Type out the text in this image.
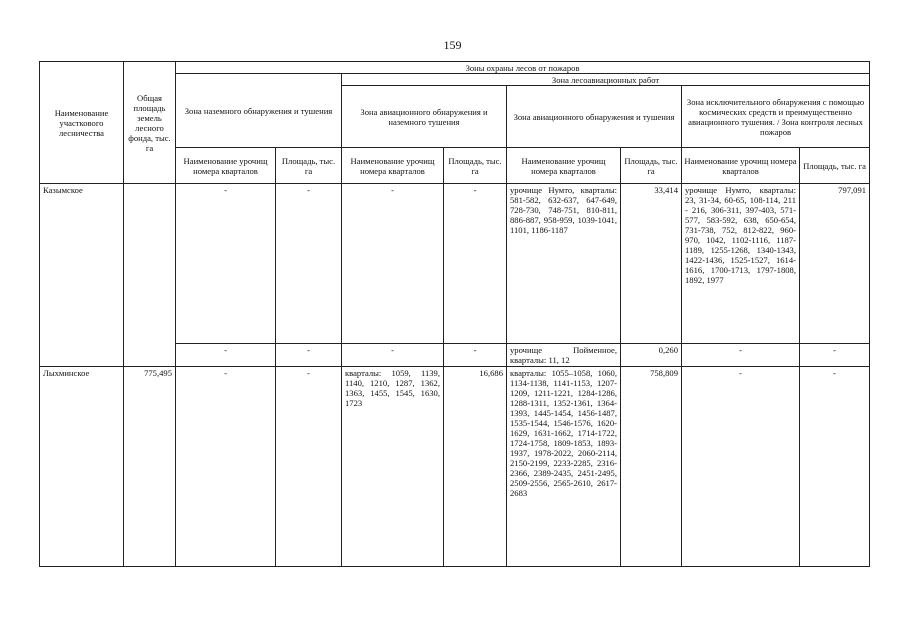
159
Наименование участкового лесничества	Общая площадь земель лесного фонда, тыс. га	Зоны охраны лесов от пожаров							
		Зона наземного обнаружения и тушения		Зона лесоавиационных работ					
				Зона авиационного обнаружения и наземного тушения		Зона авиационного обнаружения и тушения		Зона исключительного обнаружения с помощью космических средств и преимущественно авиационного тушения. / Зона контроля лесных пожаров	
		Наименование урочищ номера кварталов	Площадь, тыс. га	Наименование урочищ номера кварталов	Площадь, тыс. га	Наименование урочищ номера кварталов	Площадь, тыс. га	Наименование урочищ номера кварталов	Площадь, тыс. га
Казымское		-	-	-	-	урочище Нумто, кварталы: 581-582, 632-637, 647-649, 728-730, 748-751, 810-811, 886-887, 958-959, 1039-1041, 1101, 1186-1187	33,414	урочище Нумто, кварталы: 23, 31-34, 60-65, 108-114, 211 - 216, 306-311, 397-403, 571-577, 583-592, 638, 650-654, 731-738, 752, 812-822, 960-970, 1042, 1102-1116, 1187-1189, 1255-1268, 1340-1343, 1422-1436, 1525-1527, 1614-1616, 1700-1713, 1797-1808, 1892, 1977	797,091
		-	-	-	-	урочище Пойменное, кварталы: 11, 12	0,260	-	-
Лыхминское	775,495	-	-	кварталы: 1059, 1139, 1140, 1210, 1287, 1362, 1363, 1455, 1545, 1630, 1723	16,686	кварталы: 1055–1058, 1060, 1134-1138, 1141-1153, 1207-1209, 1211-1221, 1284-1286, 1288-1311, 1352-1361, 1364-1393, 1445-1454, 1456-1487, 1535-1544, 1546-1576, 1620-1629, 1631-1662, 1714-1722, 1724-1758, 1809-1853, 1893-1937, 1978-2022, 2060-2114, 2150-2199, 2233-2285, 2316-2366, 2389-2435, 2451-2495, 2509-2556, 2565-2610, 2617-2683	758,809	-	-
